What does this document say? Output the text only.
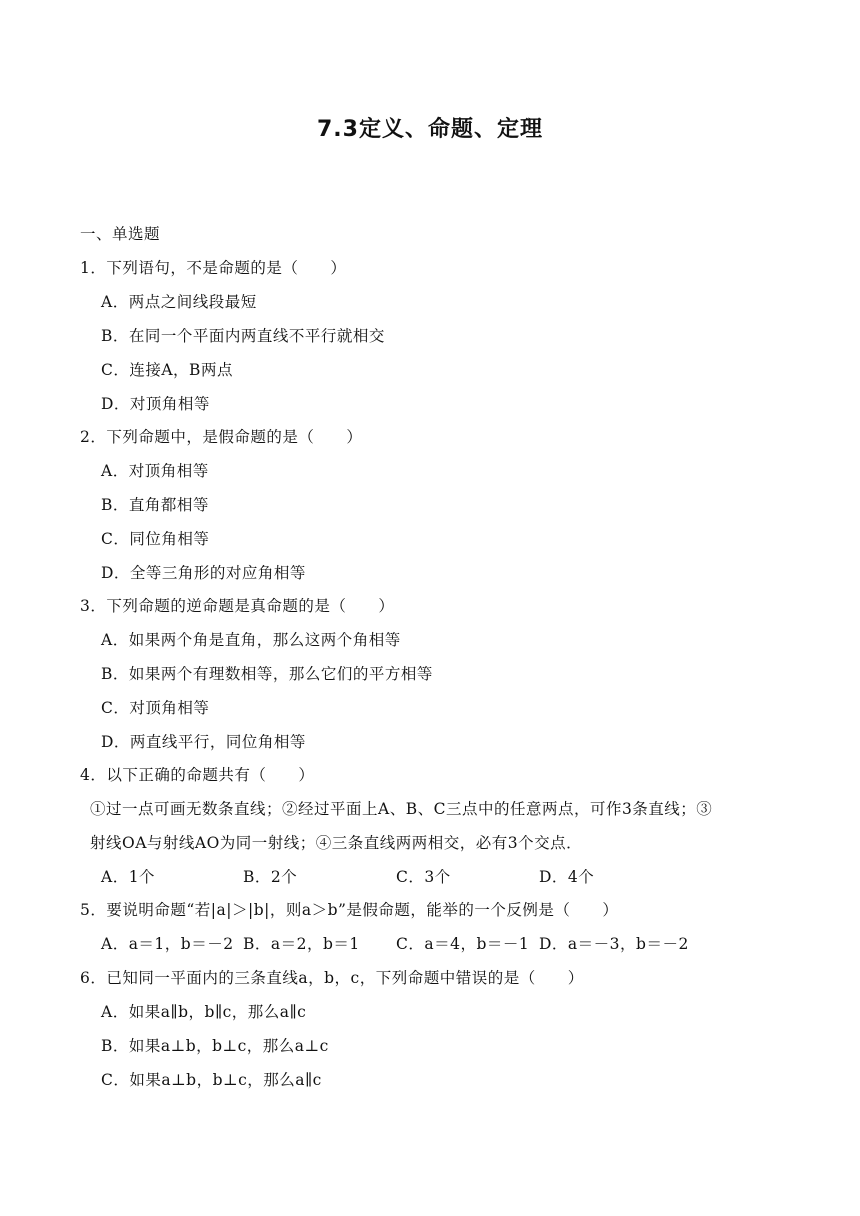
7.3定义、命题、定理
一、单选题
1．下列语句，不是命题的是（　　）
A．两点之间线段最短
B．在同一个平面内两直线不平行就相交
C．连接A，B两点
D．对顶角相等
2．下列命题中，是假命题的是（　　）
A．对顶角相等
B．直角都相等
C．同位角相等
D．全等三角形的对应角相等
3．下列命题的逆命题是真命题的是（　　）
A．如果两个角是直角，那么这两个角相等
B．如果两个有理数相等，那么它们的平方相等
C．对顶角相等
D．两直线平行，同位角相等
4．以下正确的命题共有（　　）
①过一点可画无数条直线；②经过平面上A、B、C三点中的任意两点，可作3条直线；③
射线OA与射线AO为同一射线；④三条直线两两相交，必有3个交点．
A．1个	B．2个	C．3个	D．4个
5．要说明命题“若|a|＞|b|，则a＞b”是假命题，能举的一个反例是（　　）
A．a＝1，b＝－2 B．a＝2，b＝1 C．a＝4，b＝－1 D．a＝－3，b＝－2
6．已知同一平面内的三条直线a，b，c，下列命题中错误的是（　　）
A．如果a∥b，b∥c，那么a∥c
B．如果a⊥b，b⊥c，那么a⊥c
C．如果a⊥b，b⊥c，那么a∥c
